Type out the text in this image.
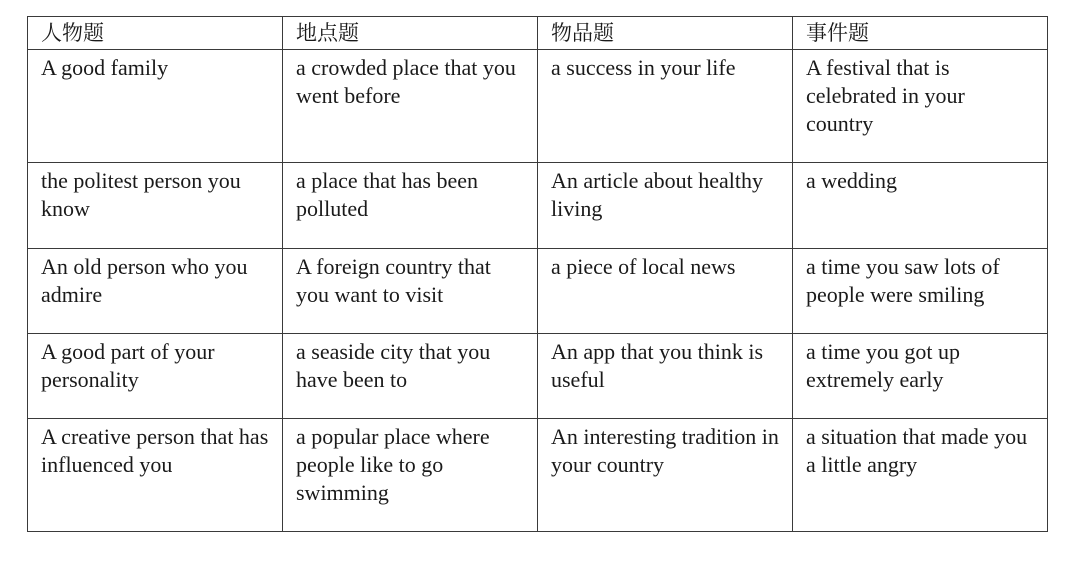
人物题	地点题	物品题	事件题
A good family	a crowded place that you went before	a success in your life	A festival that is celebrated in your country
the politest person you know	a place that has been polluted	An article about healthy living	a wedding
An old person who you admire	A foreign country that you want to visit	a piece of local news	a time you saw lots of people were smiling
A good part of your personality	a seaside city that you have been to	An app that you think is useful	a time you got up extremely early
A creative person that has influenced you	a popular place where people like to go swimming	An interesting tradition in your country	a situation that made you a little angry
